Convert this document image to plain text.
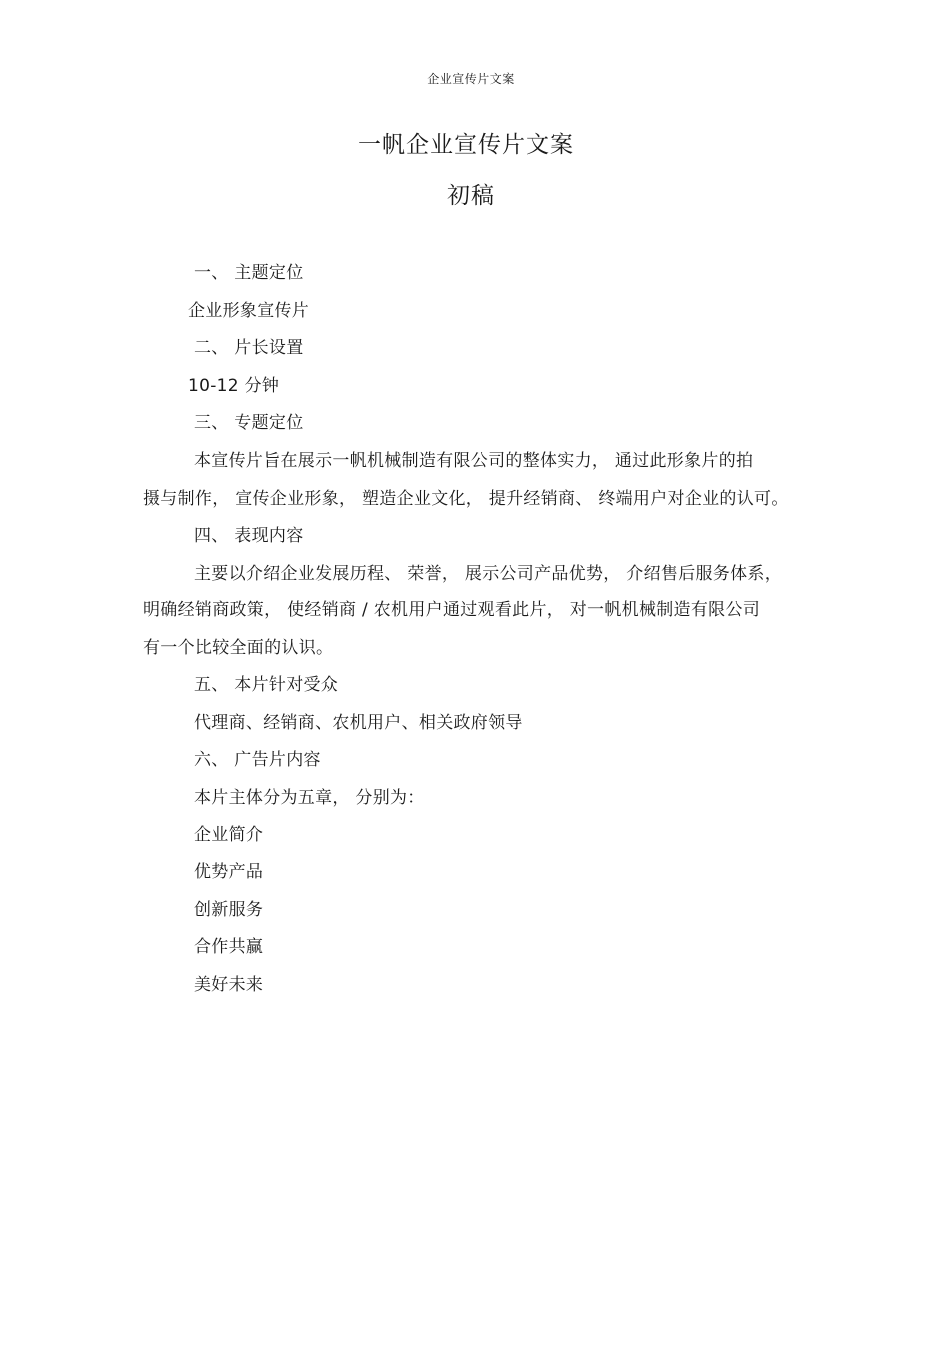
企业宣传片文案
一帆企业宣传片文案
初稿
一、 主题定位
企业形象宣传片
二、 片长设置
10-12 分钟
三、 专题定位
本宣传片旨在展示一帆机械制造有限公司的整体实力， 通过此形象片的拍
摄与制作， 宣传企业形象， 塑造企业文化， 提升经销商、 终端用户对企业的认可。
四、 表现内容
主要以介绍企业发展历程、 荣誉， 展示公司产品优势， 介绍售后服务体系，
明确经销商政策， 使经销商 / 农机用户通过观看此片， 对一帆机械制造有限公司
有一个比较全面的认识。
五、 本片针对受众
代理商、经销商、农机用户、相关政府领导
六、 广告片内容
本片主体分为五章， 分别为：
企业简介
优势产品
创新服务
合作共赢
美好未来
